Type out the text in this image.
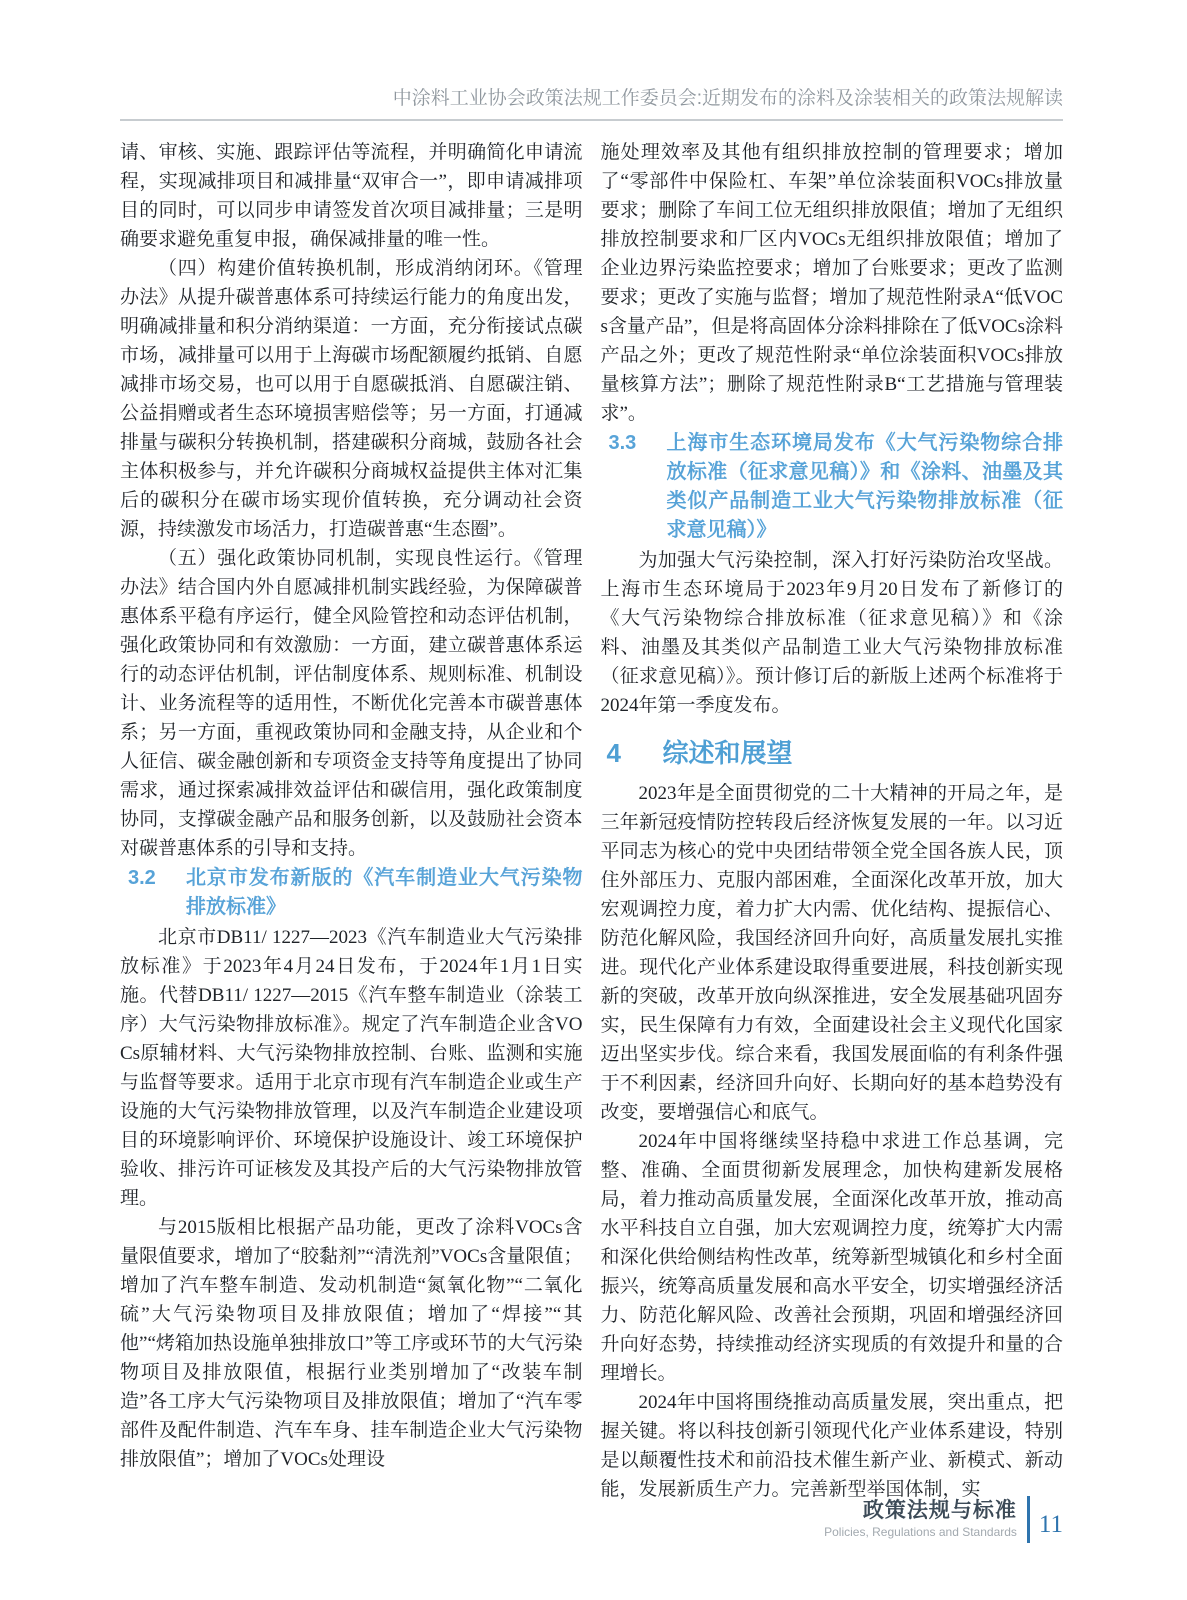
中涂料工业协会政策法规工作委员会:近期发布的涂料及涂装相关的政策法规解读

请、审核、实施、跟踪评估等流程，并明确简化申请流程，实现减排项目和减排量“双审合一”，即申请减排项目的同时，可以同步申请签发首次项目减排量；三是明确要求避免重复申报，确保减排量的唯一性。

（四）构建价值转换机制，形成消纳闭环。《管理办法》从提升碳普惠体系可持续运行能力的角度出发，明确减排量和积分消纳渠道：一方面，充分衔接试点碳市场，减排量可以用于上海碳市场配额履约抵销、自愿减排市场交易，也可以用于自愿碳抵消、自愿碳注销、公益捐赠或者生态环境损害赔偿等；另一方面，打通减排量与碳积分转换机制，搭建碳积分商城，鼓励各社会主体积极参与，并允许碳积分商城权益提供主体对汇集后的碳积分在碳市场实现价值转换，充分调动社会资源，持续激发市场活力，打造碳普惠“生态圈”。

（五）强化政策协同机制，实现良性运行。《管理办法》结合国内外自愿减排机制实践经验，为保障碳普惠体系平稳有序运行，健全风险管控和动态评估机制，强化政策协同和有效激励：一方面，建立碳普惠体系运行的动态评估机制，评估制度体系、规则标准、机制设计、业务流程等的适用性，不断优化完善本市碳普惠体系；另一方面，重视政策协同和金融支持，从企业和个人征信、碳金融创新和专项资金支持等角度提出了协同需求，通过探索减排效益评估和碳信用，强化政策制度协同，支撑碳金融产品和服务创新，以及鼓励社会资本对碳普惠体系的引导和支持。

3.2	北京市发布新版的《汽车制造业大气污染物排放标准》

北京市DB11/ 1227—2023《汽车制造业大气污染排放标准》于2023年4月24日发布，于2024年1月1日实施。代替DB11/ 1227—2015《汽车整车制造业（涂装工序）大气污染物排放标准》。规定了汽车制造企业含VOCs原辅材料、大气污染物排放控制、台账、监测和实施与监督等要求。适用于北京市现有汽车制造企业或生产设施的大气污染物排放管理，以及汽车制造企业建设项目的环境影响评价、环境保护设施设计、竣工环境保护验收、排污许可证核发及其投产后的大气污染物排放管理。

与2015版相比根据产品功能，更改了涂料VOCs含量限值要求，增加了“胶黏剂”“清洗剂”VOCs含量限值；增加了汽车整车制造、发动机制造“氮氧化物”“二氧化硫”大气污染物项目及排放限值；增加了“焊接”“其他”“烤箱加热设施单独排放口”等工序或环节的大气污染物项目及排放限值，根据行业类别增加了“改装车制造”各工序大气污染物项目及排放限值；增加了“汽车零部件及配件制造、汽车车身、挂车制造企业大气污染物排放限值”；增加了VOCs处理设

施处理效率及其他有组织排放控制的管理要求；增加了“零部件中保险杠、车架”单位涂装面积VOCs排放量要求；删除了车间工位无组织排放限值；增加了无组织排放控制要求和厂区内VOCs无组织排放限值；增加了企业边界污染监控要求；增加了台账要求；更改了监测要求；更改了实施与监督；增加了规范性附录A“低VOCs含量产品”，但是将高固体分涂料排除在了低VOCs涂料产品之外；更改了规范性附录“单位涂装面积VOCs排放量核算方法”；删除了规范性附录B“工艺措施与管理装求”。

3.3	上海市生态环境局发布《大气污染物综合排放标准（征求意见稿）》和《涂料、油墨及其类似产品制造工业大气污染物排放标准（征求意见稿）》

为加强大气污染控制，深入打好污染防治攻坚战。上海市生态环境局于2023年9月20日发布了新修订的《大气污染物综合排放标准（征求意见稿）》和《涂料、油墨及其类似产品制造工业大气污染物排放标准（征求意见稿）》。预计修订后的新版上述两个标准将于2024年第一季度发布。

4	综述和展望

2023年是全面贯彻党的二十大精神的开局之年，是三年新冠疫情防控转段后经济恢复发展的一年。以习近平同志为核心的党中央团结带领全党全国各族人民，顶住外部压力、克服内部困难，全面深化改革开放，加大宏观调控力度，着力扩大内需、优化结构、提振信心、防范化解风险，我国经济回升向好，高质量发展扎实推进。现代化产业体系建设取得重要进展，科技创新实现新的突破，改革开放向纵深推进，安全发展基础巩固夯实，民生保障有力有效，全面建设社会主义现代化国家迈出坚实步伐。综合来看，我国发展面临的有利条件强于不利因素，经济回升向好、长期向好的基本趋势没有改变，要增强信心和底气。

2024年中国将继续坚持稳中求进工作总基调，完整、准确、全面贯彻新发展理念，加快构建新发展格局，着力推动高质量发展，全面深化改革开放，推动高水平科技自立自强，加大宏观调控力度，统筹扩大内需和深化供给侧结构性改革，统筹新型城镇化和乡村全面振兴，统筹高质量发展和高水平安全，切实增强经济活力、防范化解风险、改善社会预期，巩固和增强经济回升向好态势，持续推动经济实现质的有效提升和量的合理增长。

2024年中国将围绕推动高质量发展，突出重点，把握关键。将以科技创新引领现代化产业体系建设，特别是以颠覆性技术和前沿技术催生新产业、新模式、新动能，发展新质生产力。完善新型举国体制，实

政策法规与标准
Policies, Regulations and Standards 11
